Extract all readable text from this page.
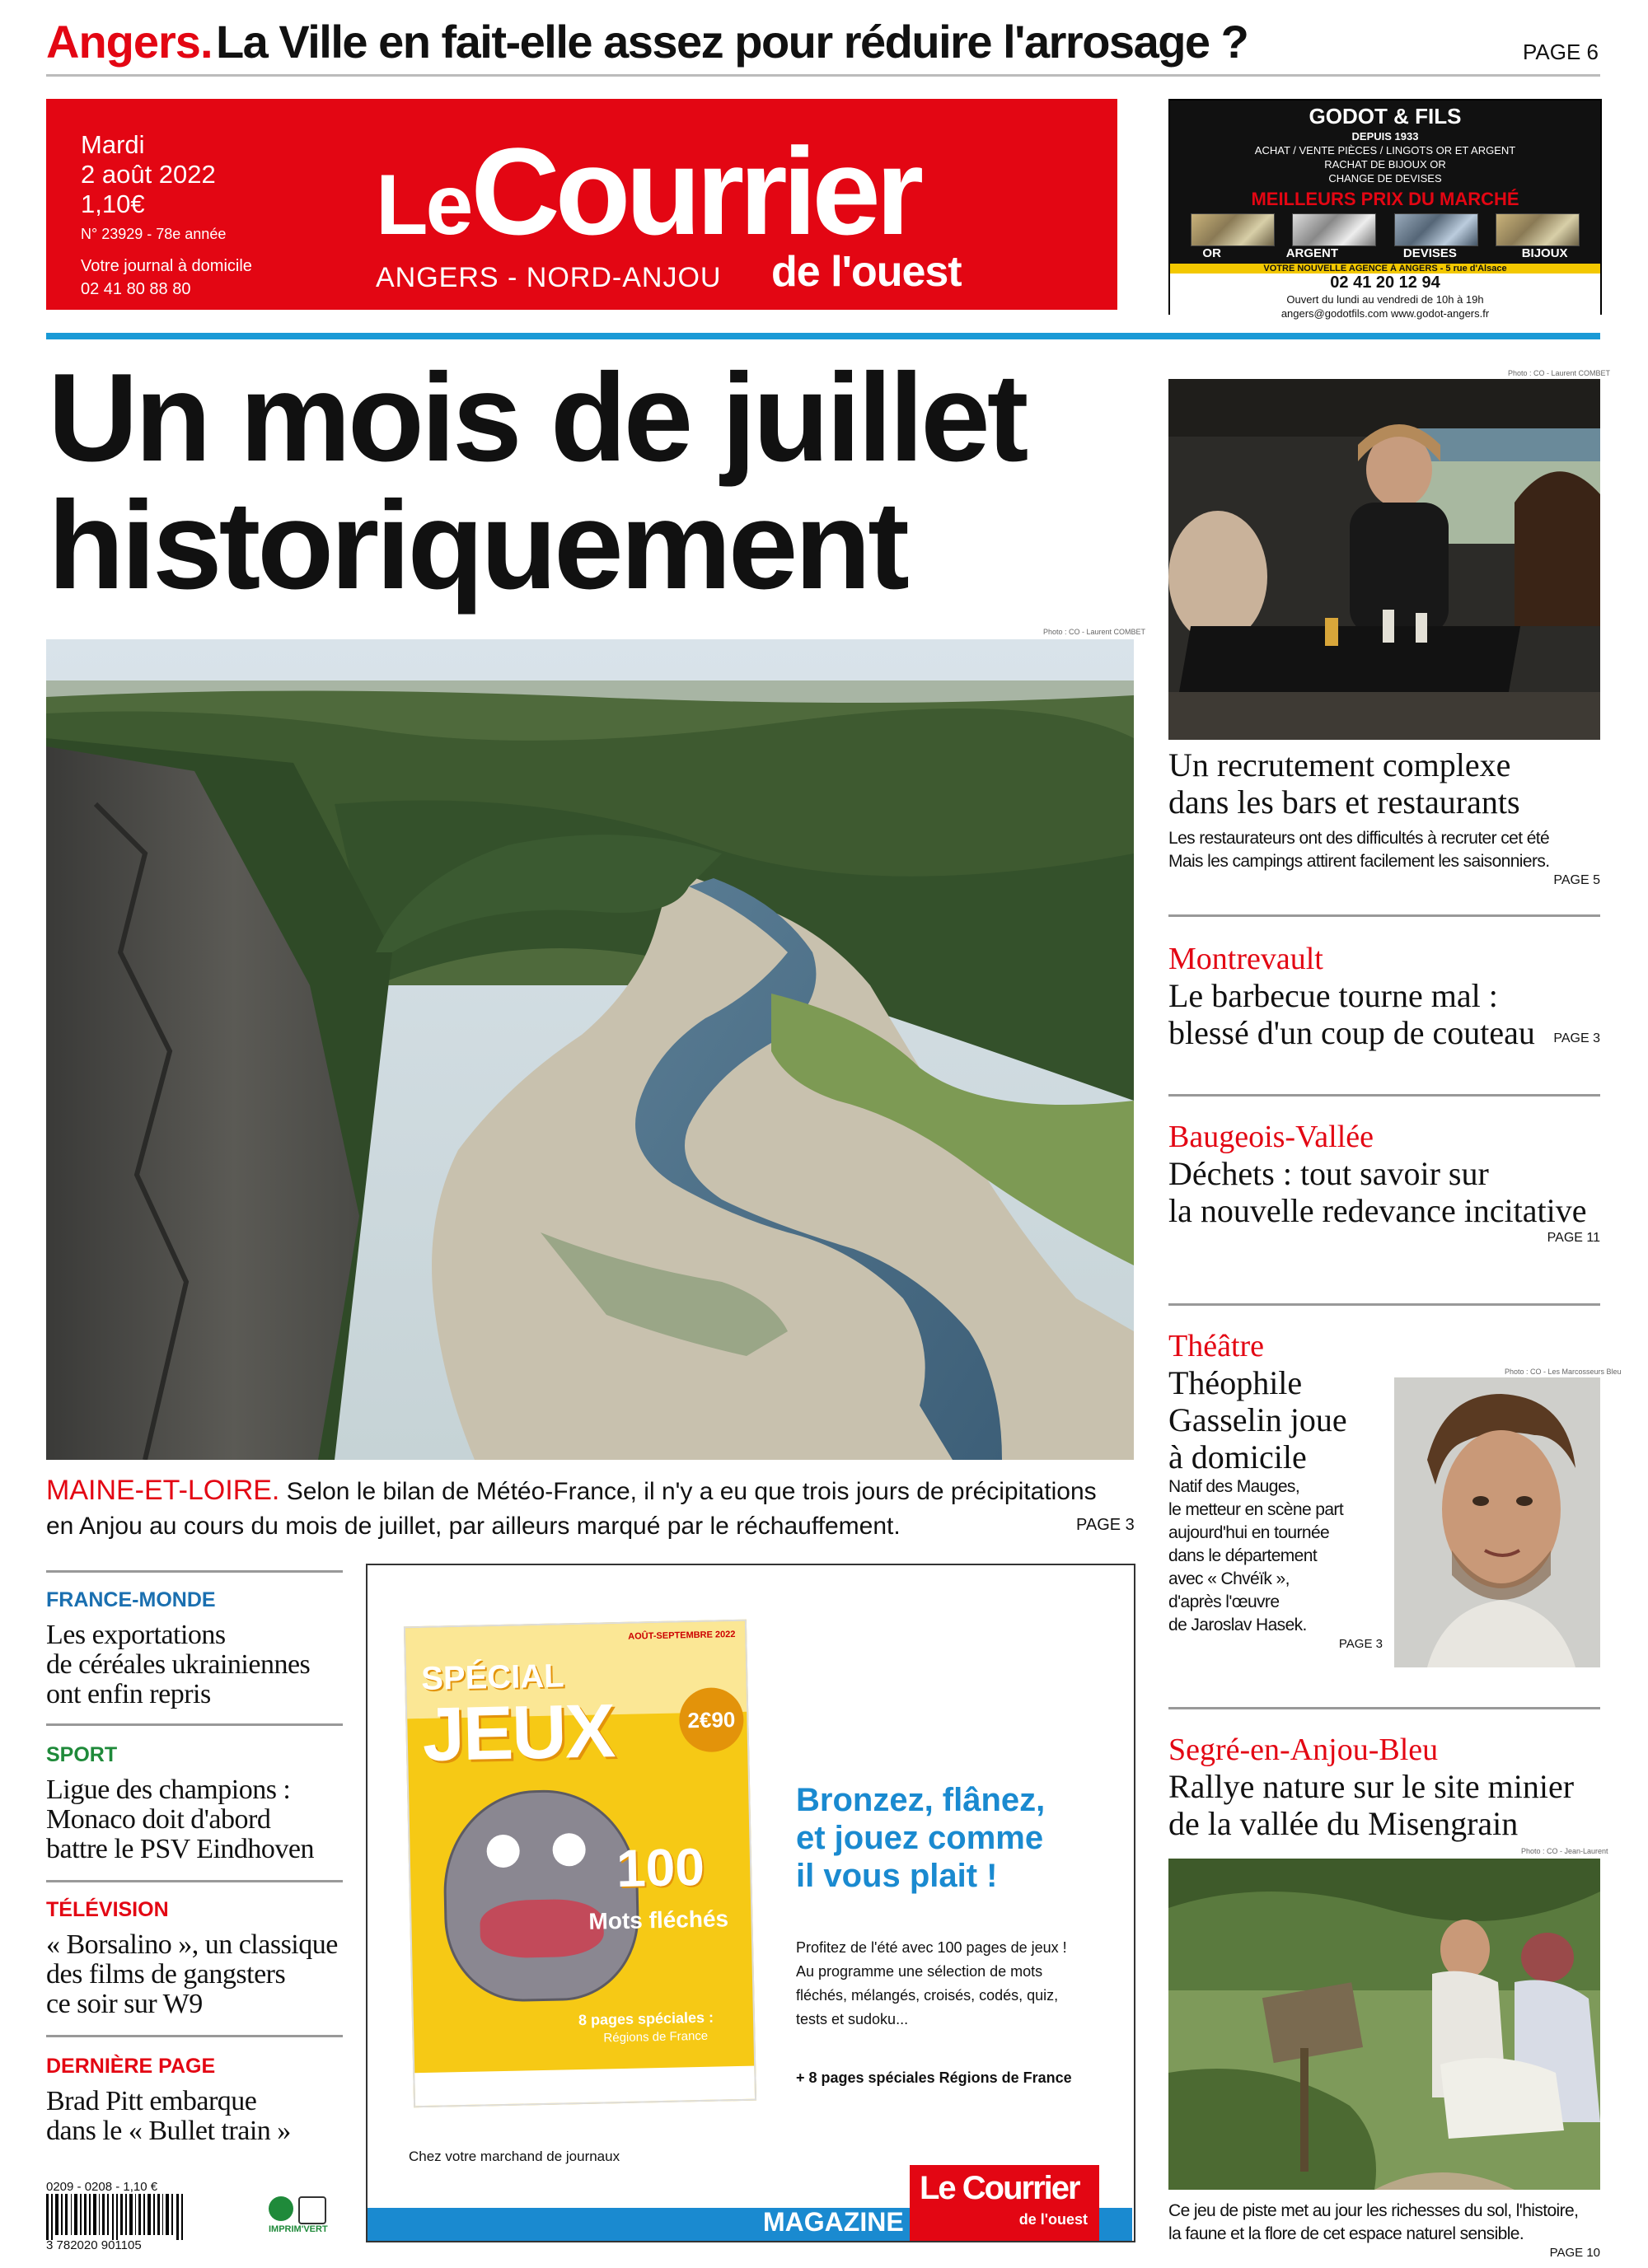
Angers. La Ville en fait-elle assez pour réduire l'arrosage ?	PAGE 6
Mardi
2 août 2022
1,10€
N° 23929 - 78e année
Votre journal à domicile
02 41 80 88 80
LeCourrier
ANGERS - NORD-ANJOU de l'ouest
GODOT & FILS
DEPUIS 1933
ACHAT / VENTE PIÈCES / LINGOTS OR ET ARGENT
RACHAT DE BIJOUX OR
CHANGE DE DEVISES
MEILLEURS PRIX DU MARCHÉ
OR	ARGENT	DEVISES	BIJOUX
VOTRE NOUVELLE AGENCE À ANGERS - 5 rue d'Alsace
02 41 20 12 94
Ouvert du lundi au vendredi de 10h à 19h
angers@godotfils.com www.godot-angers.fr
Un mois de juillet
historiquement
Photo : CO - Laurent COMBET
MAINE-ET-LOIRE. Selon le bilan de Météo-France, il n'y a eu que trois jours de précipitations
en Anjou au cours du mois de juillet, par ailleurs marqué par le réchauffement.	PAGE 3
FRANCE-MONDE
Les exportations
de céréales ukrainiennes
ont enfin repris
SPORT
Ligue des champions :
Monaco doit d'abord
battre le PSV Eindhoven
TÉLÉVISION
« Borsalino », un classique
des films de gangsters
ce soir sur W9
DERNIÈRE PAGE
Brad Pitt embarque
dans le « Bullet train »
0209 - 0208 - 1,10 €
3 782020 901105
IMPRIM'VERT
AOÛT-SEPTEMBRE 2022
SPÉCIAL
JEUX	2€90
100
Mots fléchés
8 pages spéciales :
Régions de France
Bronzez, flânez,
et jouez comme
il vous plait !
Profitez de l'été avec 100 pages de jeux !
Au programme une sélection de mots
fléchés, mélangés, croisés, codés, quiz,
tests et sudoku...
+ 8 pages spéciales Régions de France
Chez votre marchand de journaux
MAGAZINE
Le Courrier
de l'ouest
Photo : CO - Laurent COMBET
Un recrutement complexe
dans les bars et restaurants
Les restaurateurs ont des difficultés à recruter cet été
Mais les campings attirent facilement les saisonniers.
PAGE 5
Montrevault
Le barbecue tourne mal :
blessé d'un coup de couteau	PAGE 3
Baugeois-Vallée
Déchets : tout savoir sur
la nouvelle redevance incitative
PAGE 11
Théâtre
Théophile
Gasselin joue
à domicile
Natif des Mauges,
le metteur en scène part
aujourd'hui en tournée
dans le département
avec « Chvéïk »,
d'après l'œuvre
de Jaroslav Hasek.
PAGE 3
Photo : CO - Les Marcosseurs Bleu
Segré-en-Anjou-Bleu
Rallye nature sur le site minier
de la vallée du Misengrain
Photo : CO - Jean-Laurent
Ce jeu de piste met au jour les richesses du sol, l'histoire,
la faune et la flore de cet espace naturel sensible.
PAGE 10
